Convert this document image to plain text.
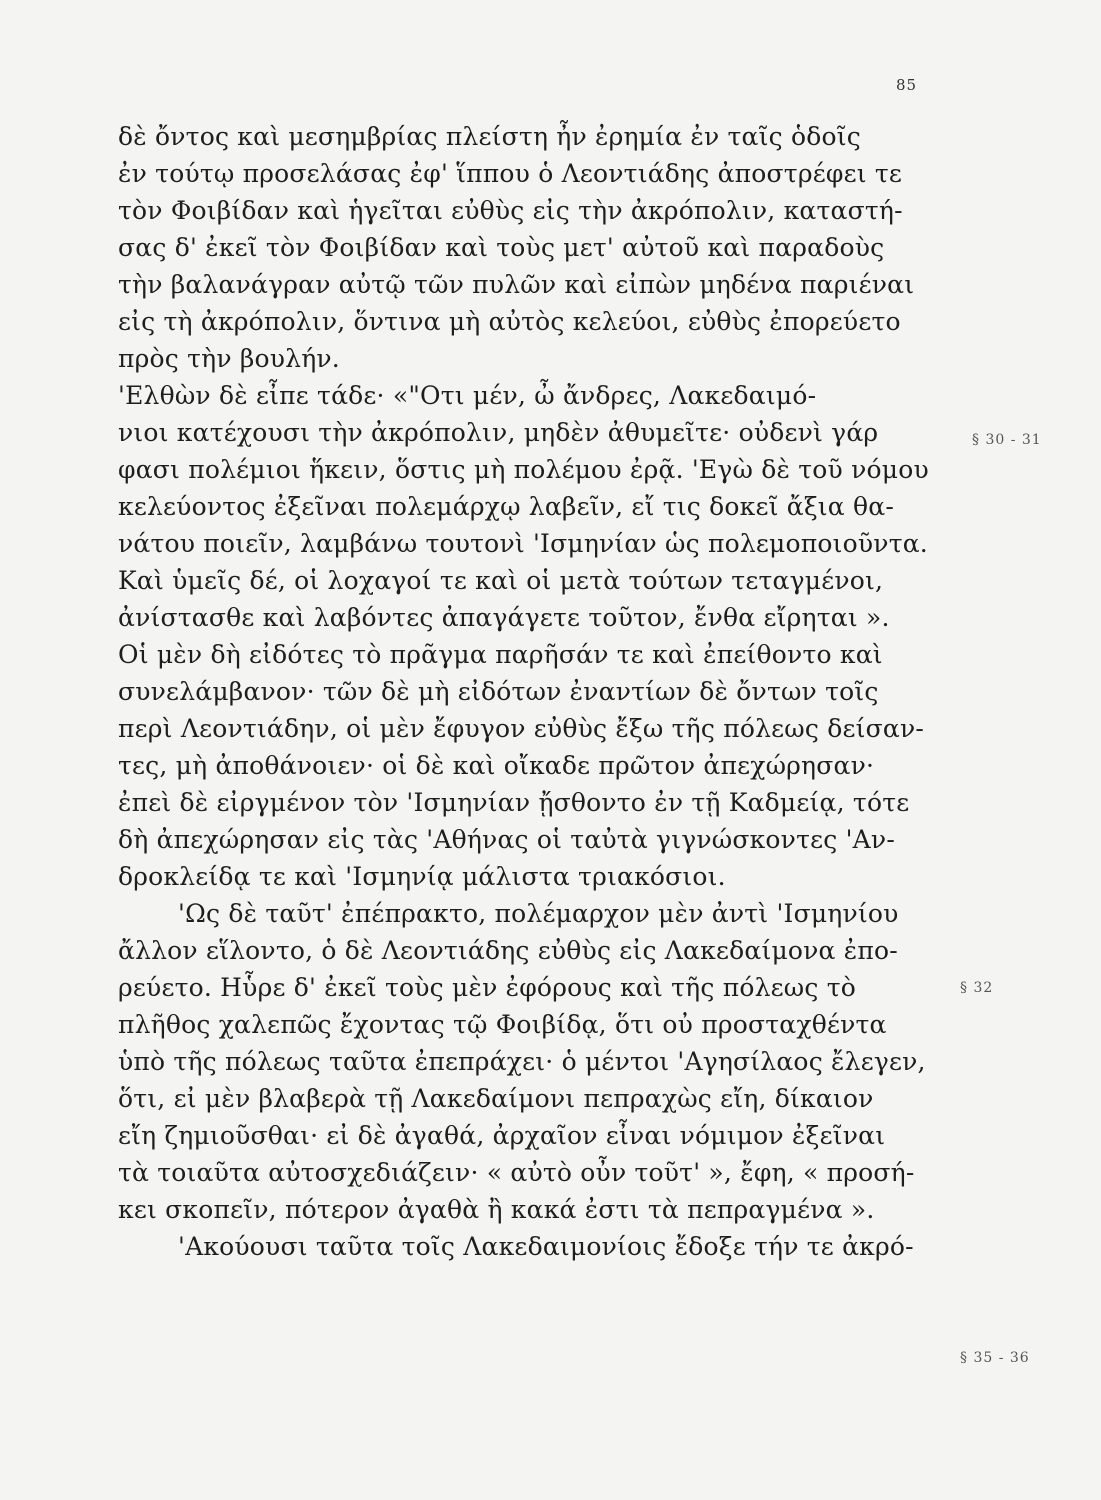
85
δὲ ὄντος καὶ μεσημβρίας πλείστη ἦν ἐρημία ἐν ταῖς ὁδοῖς
ἐν τούτῳ προσελάσας ἐφ' ἵππου ὁ Λεοντιάδης ἀποστρέφει τε
τὸν Φοιβίδαν καὶ ἡγεῖται εὐθὺς εἰς τὴν ἀκρόπολιν, καταστή-
σας δ' ἐκεῖ τὸν Φοιβίδαν καὶ τοὺς μετ' αὐτοῦ καὶ παραδοὺς
τὴν βαλανάγραν αὐτῷ τῶν πυλῶν καὶ εἰπὼν μηδένα παριέναι
εἰς τὴ ἀκρόπολιν, ὅντινα μὴ αὐτὸς κελεύοι, εὐθὺς ἐπορεύετο
πρὸς τὴν βουλήν.
'Ελθὼν δὲ εἶπε τάδε· «"Οτι μέν, ὦ ἄνδρες, Λακεδαιμό-
νιοι κατέχουσι τὴν ἀκρόπολιν, μηδὲν ἀθυμεῖτε· οὐδενὶ γάρ
φασι πολέμιοι ἥκειν, ὅστις μὴ πολέμου ἐρᾷ. 'Εγὼ δὲ τοῦ νόμου
κελεύοντος ἐξεῖναι πολεμάρχῳ λαβεῖν, εἴ τις δοκεῖ ἄξια θα-
νάτου ποιεῖν, λαμβάνω τουτονὶ 'Ισμηνίαν ὡς πολεμοποιοῦντα.
Καὶ ὑμεῖς δέ, οἱ λοχαγοί τε καὶ οἱ μετὰ τούτων τεταγμένοι,
ἀνίστασθε καὶ λαβόντες ἀπαγάγετε τοῦτον, ἔνθα εἴρηται ».
Οἱ μὲν δὴ εἰδότες τὸ πρᾶγμα παρῆσάν τε καὶ ἐπείθοντο καὶ
συνελάμβανον· τῶν δὲ μὴ εἰδότων ἐναντίων δὲ ὄντων τοῖς
περὶ Λεοντιάδην, οἱ μὲν ἔφυγον εὐθὺς ἔξω τῆς πόλεως δείσαν-
τες, μὴ ἀποθάνοιεν· οἱ δὲ καὶ οἴκαδε πρῶτον ἀπεχώρησαν·
ἐπεὶ δὲ εἰργμένον τὸν 'Ισμηνίαν ᾔσθοντο ἐν τῇ Καδμείᾳ, τότε
δὴ ἀπεχώρησαν εἰς τὰς 'Αθήνας οἱ ταὐτὰ γιγνώσκοντες 'Αν-
δροκλείδᾳ τε καὶ 'Ισμηνίᾳ μάλιστα τριακόσιοι.
'Ως δὲ ταῦτ' ἐπέπρακτο, πολέμαρχον μὲν ἀντὶ 'Ισμηνίου
ἄλλον εἵλοντο, ὁ δὲ Λεοντιάδης εὐθὺς εἰς Λακεδαίμονα ἐπο-
ρεύετο. Ηὗρε δ' ἐκεῖ τοὺς μὲν ἐφόρους καὶ τῆς πόλεως τὸ
πλῆθος χαλεπῶς ἔχοντας τῷ Φοιβίδᾳ, ὅτι οὐ προσταχθέντα
ὑπὸ τῆς πόλεως ταῦτα ἐπεπράχει· ὁ μέντοι 'Αγησίλαος ἔλεγεν,
ὅτι, εἰ μὲν βλαβερὰ τῇ Λακεδαίμονι πεπραχὼς εἴη, δίκαιον
εἴη ζημιοῦσθαι· εἰ δὲ ἀγαθά, ἀρχαῖον εἶναι νόμιμον ἐξεῖναι
τὰ τοιαῦτα αὐτοσχεδιάζειν· « αὐτὸ οὖν τοῦτ' », ἔφη, « προσή-
κει σκοπεῖν, πότερον ἀγαθὰ ἢ κακά ἐστι τὰ πεπραγμένα ».
'Ακούουσι ταῦτα τοῖς Λακεδαιμονίοις ἔδοξε τήν τε ἀκρό-
§ 30 - 31
§ 32
§ 35 - 36
